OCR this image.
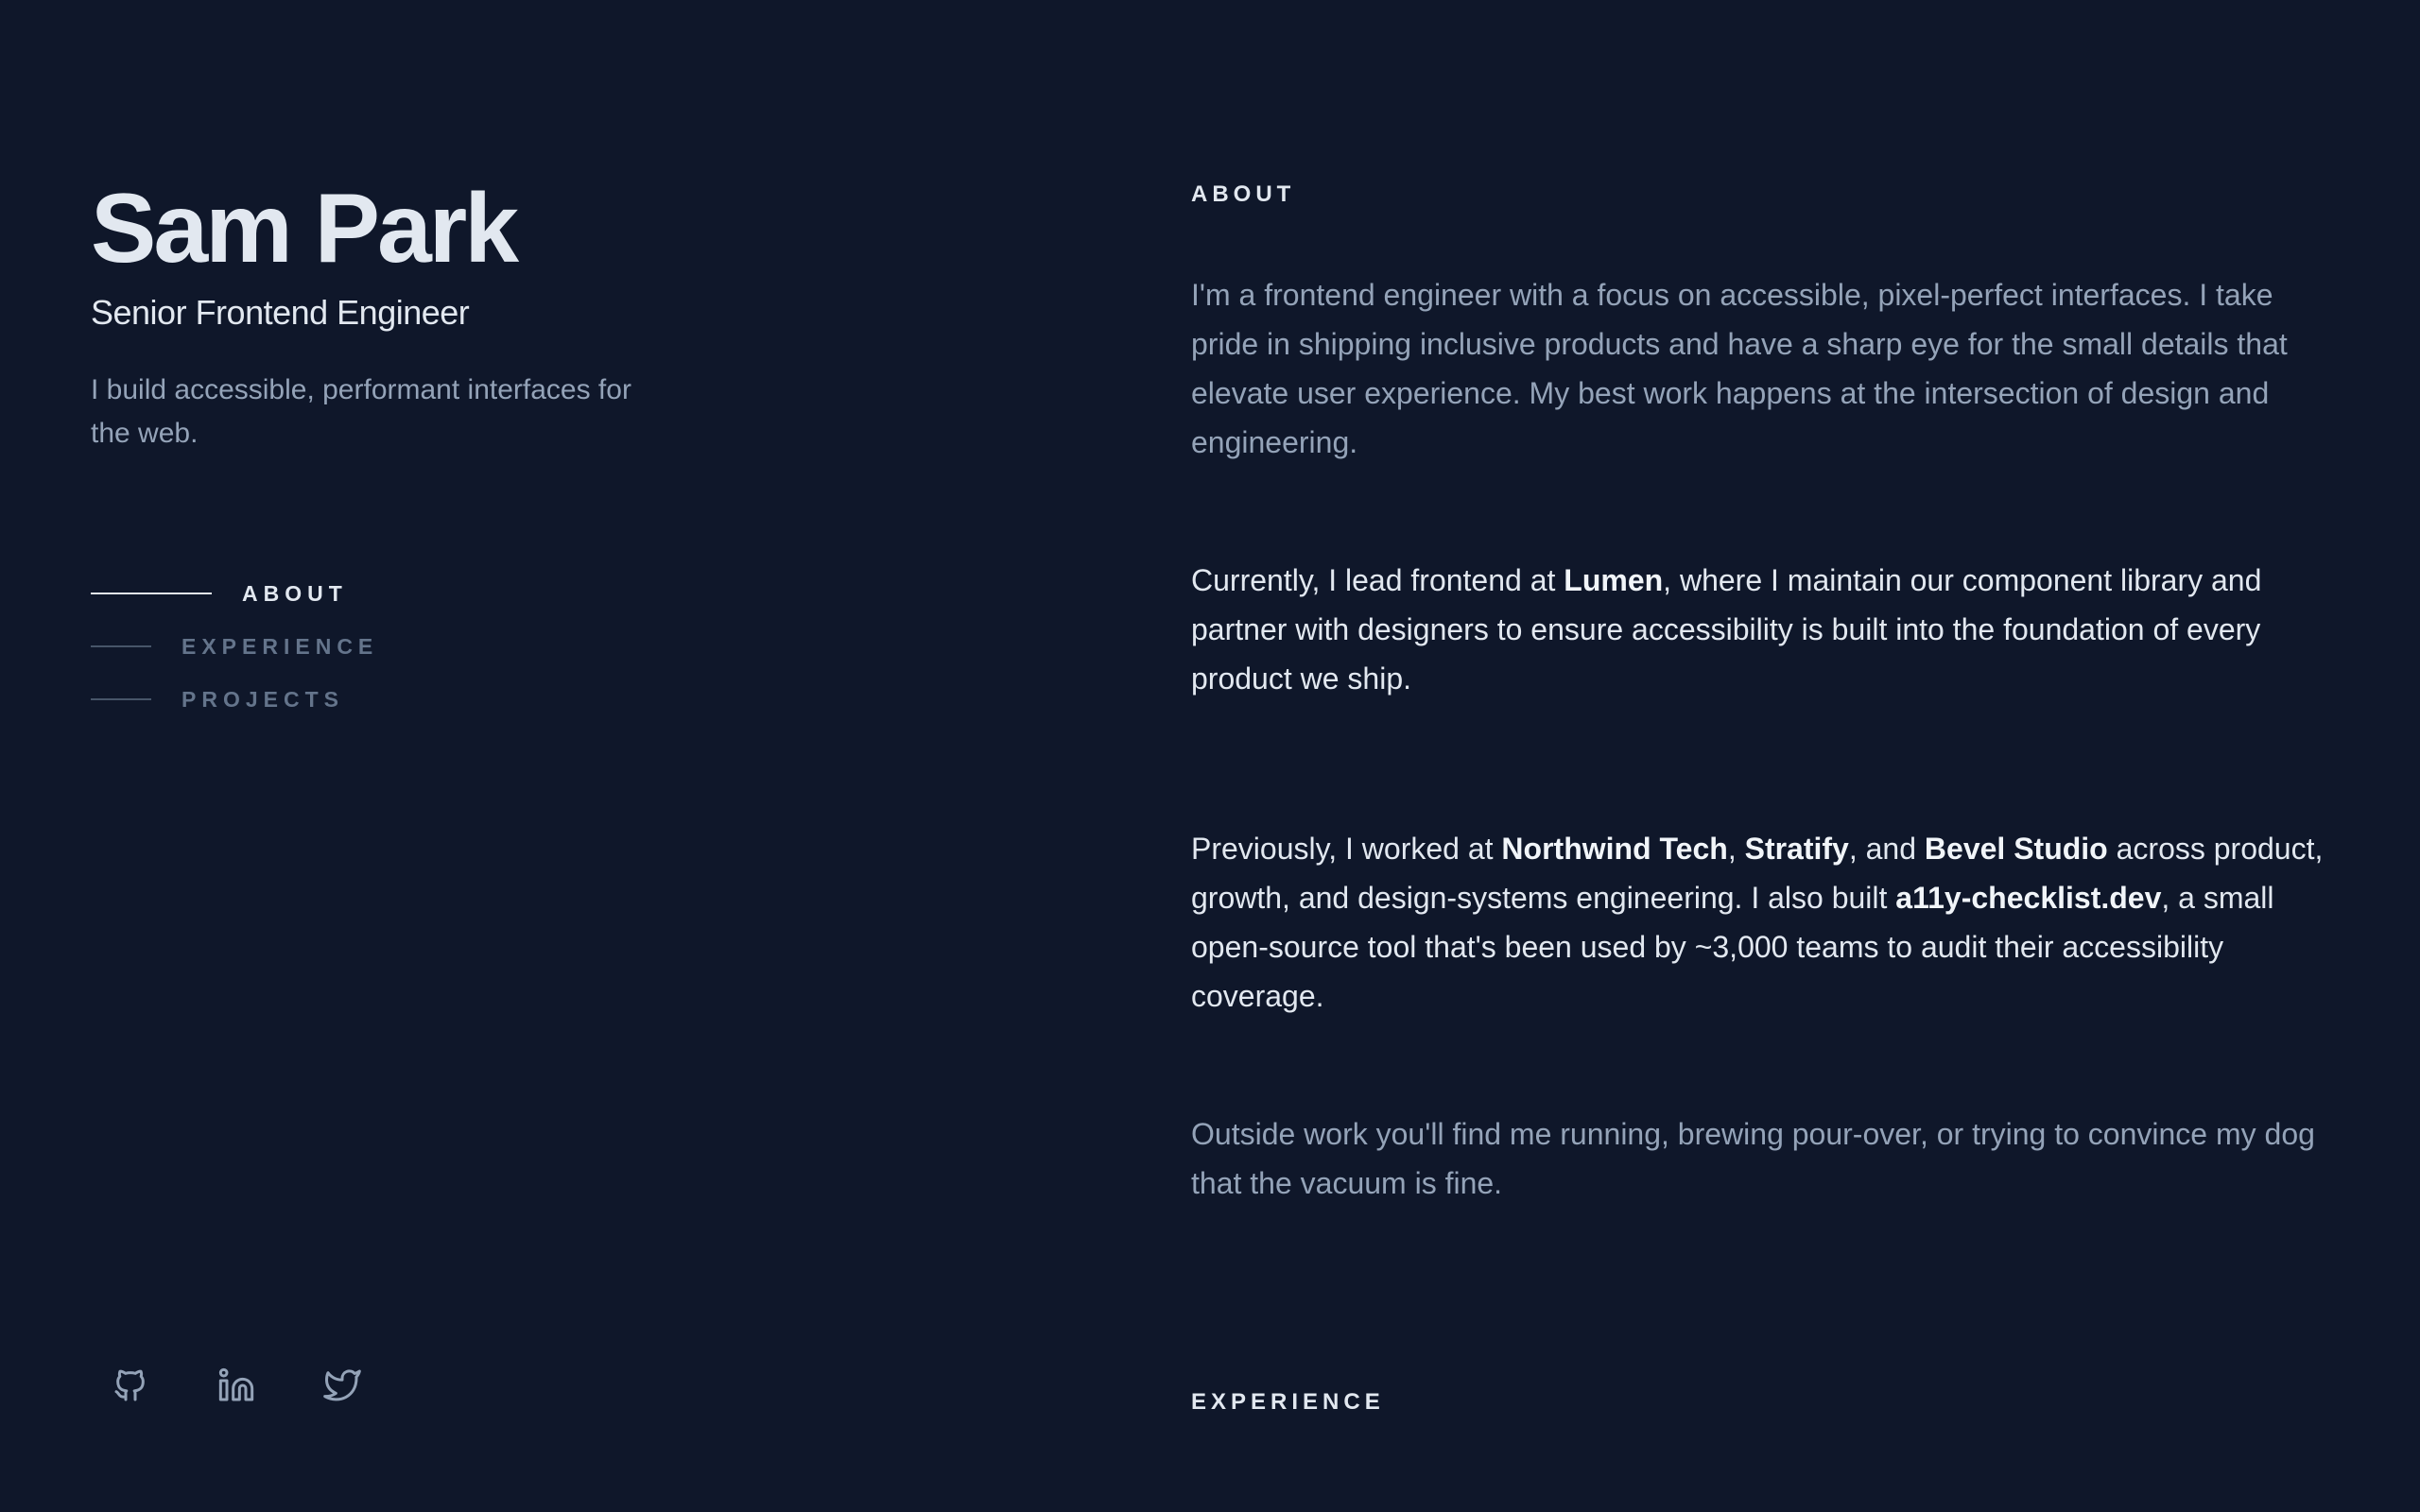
Sam Park
Senior Frontend Engineer

I build accessible, performant interfaces for the web.

ABOUT
EXPERIENCE
PROJECTS
ABOUT

I'm a frontend engineer with a focus on accessible, pixel-perfect interfaces. I take pride in shipping inclusive products and have a sharp eye for the small details that elevate user experience. My best work happens at the intersection of design and engineering.

Currently, I lead frontend at Lumen, where I maintain our component library and partner with designers to ensure accessibility is built into the foundation of every product we ship.

Previously, I worked at Northwind Tech, Stratify, and Bevel Studio across product, growth, and design-systems engineering. I also built a11y-checklist.dev, a small open-source tool that's been used by ~3,000 teams to audit their accessibility coverage.

Outside work you'll find me running, brewing pour-over, or trying to convince my dog that the vacuum is fine.

EXPERIENCE
